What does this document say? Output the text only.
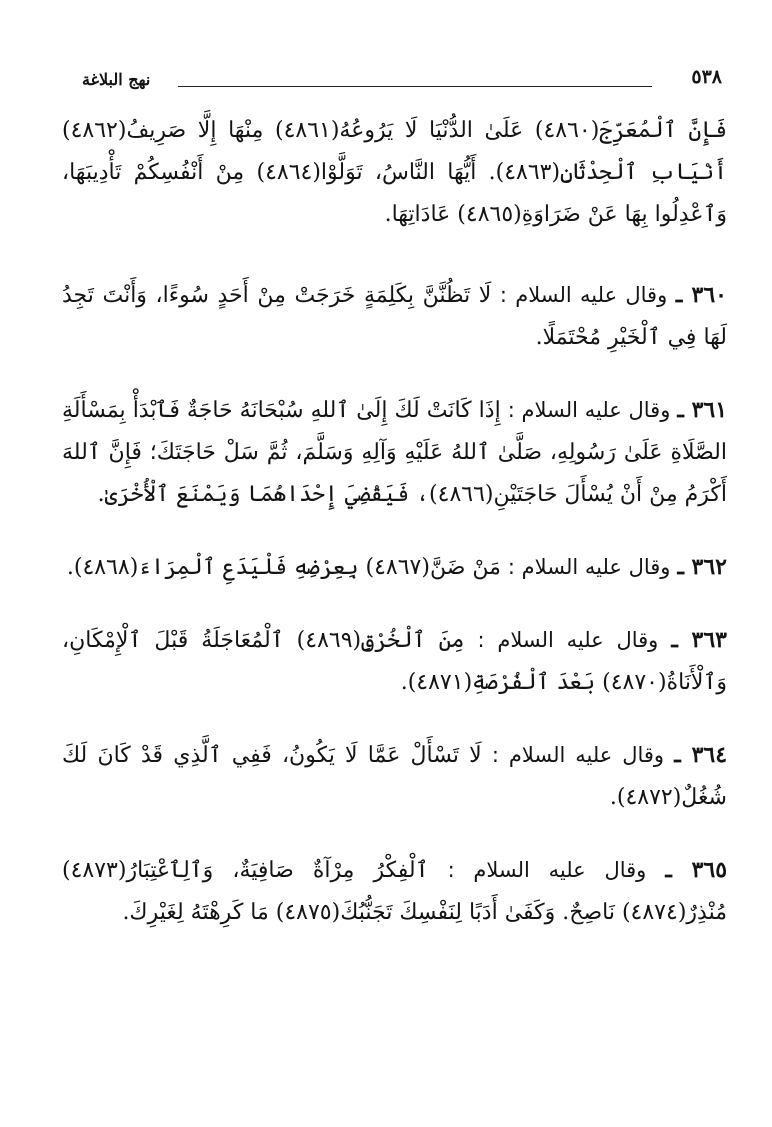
٥٣٨
نهج البلاغة

فَإِنَّ ٱلْمُعَرِّجَ(٤٨٦٠) عَلَىٰ الدُّنْيَا لَا يَرُوعُهُ(٤٨٦١) مِنْهَا إِلَّا صَرِيفُ(٤٨٦٢) أَنْيَابِ ٱلْحِدْثَانِ(٤٨٦٣). أَيُّهَا النَّاسُ، تَوَلَّوْا(٤٨٦٤) مِنْ أَنْفُسِكُمْ تَأْدِيبَهَا، وَٱعْدِلُوا بِهَا عَنْ ضَرَاوَةِ(٤٨٦٥) عَادَاتِهَا.

٣٦٠ ـ وقال عليه السلام : لَا تَظُنَّنَّ بِكَلِمَةٍ خَرَجَتْ مِنْ أَحَدٍ سُوءًا، وَأَنْتَ تَجِدُ لَهَا فِي ٱلْخَيْرِ مُحْتَمَلًا.

٣٦١ ـ وقال عليه السلام : إِذَا كَانَتْ لَكَ إِلَىٰ ٱللهِ سُبْحَانَهُ حَاجَةٌ فَٱبْدَأْ بِمَسْأَلَةِ الصَّلَاةِ عَلَىٰ رَسُولِهِ، صَلَّىٰ ٱللهُ عَلَيْهِ وَآلِهِ وَسَلَّمَ، ثُمَّ سَلْ حَاجَتَكَ؛ فَإِنَّ ٱللهَ أَكْرَمُ مِنْ أَنْ يُسْأَلَ حَاجَتَيْنِ(٤٨٦٦)، فَيَقْضِيَ إِحْدَاهُمَا وَيَمْنَعَ ٱلْأُخْرَىٰ.

٣٦٢ ـ وقال عليه السلام : مَنْ ضَنَّ(٤٨٦٧) بِعِرْضِهِ فَلْيَدَعِ ٱلْمِرَاءَ(٤٨٦٨).

٣٦٣ ـ وقال عليه السلام : مِنَ ٱلْخُرْقِ(٤٨٦٩) ٱلْمُعَاجَلَةُ قَبْلَ ٱلْإِمْكَانِ، وَٱلْأَنَاةُ(٤٨٧٠) بَعْدَ ٱلْفُرْصَةِ(٤٨٧١).

٣٦٤ ـ وقال عليه السلام : لَا تَسْأَلْ عَمَّا لَا يَكُونُ، فَفِي ٱلَّذِي قَدْ كَانَ لَكَ شُغُلٌ(٤٨٧٢).

٣٦٥ ـ وقال عليه السلام : ٱلْفِكْرُ مِرْآةٌ صَافِيَةٌ، وَٱلِٱعْتِبَارُ(٤٨٧٣) مُنْذِرٌ(٤٨٧٤) نَاصِحٌ. وَكَفَىٰ أَدَبًا لِنَفْسِكَ تَجَنُّبُكَ(٤٨٧٥) مَا كَرِهْتَهُ لِغَيْرِكَ.
